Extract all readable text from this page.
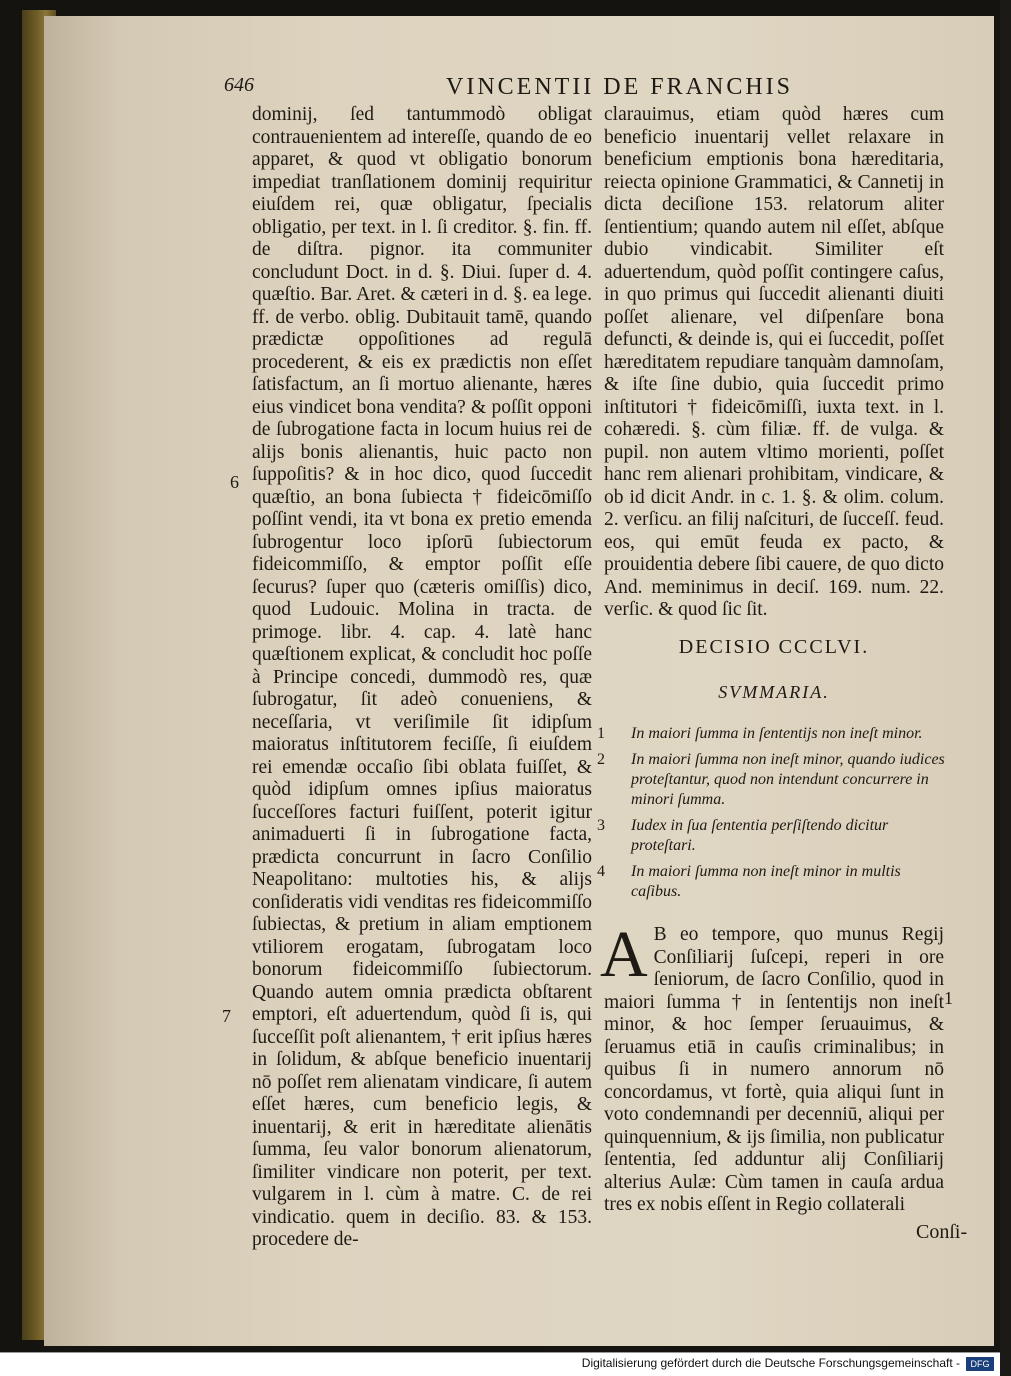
646	VINCENTII DE FRANCHIS

dominij, ſed tantummodò obligat contrauenientem ad intereſſe, quando de eo apparet, & quod vt obligatio bonorum impediat tranſlationem dominij requiritur eiuſdem rei, quæ obligatur, ſpecialis obligatio, per text. in l. ſi creditor. §. fin. ff. de diſtra. pignor. ita communiter concludunt Doct. in d. §. Diui. ſuper d. 4. quæſtio. Bar. Aret. & cæteri in d. §. ea lege. ff. de verbo. oblig. Dubitauit tamē, quando prædictæ oppoſitiones ad regulā procederent, & eis ex prædictis non eſſet ſatisfactum, an ſi mortuo alienante, hæres eius vindicet bona vendita? & poſſit opponi de ſubrogatione facta in locum huius rei de alijs bonis alienantis, huic pacto non ſuppoſitis? & in hoc dico, quod ſuccedit quæſtio, an bona ſubiecta † fideicōmiſſo poſſint vendi, ita vt bona ex pretio emenda ſubrogentur loco ipſorū ſubiectorum fideicommiſſo, & emptor poſſit eſſe ſecurus? ſuper quo (cæteris omiſſis) dico, quod Ludouic. Molina in tracta. de primoge. libr. 4. cap. 4. latè hanc quæſtionem explicat, & concludit hoc poſſe à Principe concedi, dummodò res, quæ ſubrogatur, ſit adeò conueniens, & neceſſaria, vt veriſimile ſit idipſum maioratus inſtitutorem feciſſe, ſi eiuſdem rei emendæ occaſio ſibi oblata fuiſſet, & quòd idipſum omnes ipſius maioratus ſucceſſores facturi fuiſſent, poterit igitur animaduerti ſi in ſubrogatione facta, prædicta concurrunt in ſacro Conſilio Neapolitano: multoties his, & alijs conſideratis vidi venditas res fideicommiſſo ſubiectas, & pretium in aliam emptionem vtiliorem erogatam, ſubrogatam loco bonorum fideicommiſſo ſubiectorum. Quando autem omnia prædicta obſtarent emptori, eſt aduertendum, quòd ſi is, qui ſucceſſit poſt alienantem, † erit ipſius hæres in ſolidum, & abſque beneficio inuentarij nō poſſet rem alienatam vindicare, ſi autem eſſet hæres, cum beneficio legis, & inuentarij, & erit in hæreditate alienātis ſumma, ſeu valor bonorum alienatorum, ſimiliter vindicare non poterit, per text. vulgarem in l. cùm à matre. C. de rei vindicatio. quem in deciſio. 83. & 153. procedere de-

6
7

clarauimus, etiam quòd hæres cum beneficio inuentarij vellet relaxare in beneficium emptionis bona hæreditaria, reiecta opinione Grammatici, & Cannetij in dicta deciſione 153. relatorum aliter ſentientium; quando autem nil eſſet, abſque dubio vindicabit. Similiter eſt aduertendum, quòd poſſit contingere caſus, in quo primus qui ſuccedit alienanti diuiti poſſet alienare, vel diſpenſare bona defuncti, & deinde is, qui ei ſuccedit, poſſet hæreditatem repudiare tanquàm damnoſam, & iſte ſine dubio, quia ſuccedit primo inſtitutori † fideicōmiſſi, iuxta text. in l. cohæredi. §. cùm filiæ. ff. de vulga. & pupil. non autem vltimo morienti, poſſet hanc rem alienari prohibitam, vindicare, & ob id dicit Andr. in c. 1. §. & olim. colum. 2. verſicu. an filij naſcituri, de ſucceſſ. feud. eos, qui emūt feuda ex pacto, & prouidentia debere ſibi cauere, de quo dicto And. meminimus in deciſ. 169. num. 22. verſic. & quod ſic ſit.

8
DECISIO CCCLVI.
SVMMARIA.
1	In maiori ſumma in ſententijs non ineſt minor.
2	In maiori ſumma non ineſt minor, quando iudices proteſtantur, quod non intendunt concurrere in minori ſumma.
3	Iudex in ſua ſententia perſiſtendo dicitur proteſtari.
4	In maiori ſumma non ineſt minor in multis caſibus.

A B eo tempore, quo munus Regij Conſiliarij ſuſcepi, reperi in ore ſeniorum, de ſacro Conſilio, quod in maiori ſumma † in ſententijs non ineſt minor, & hoc ſemper ſeruauimus, & ſeruamus etiā in cauſis criminalibus; in quibus ſi in numero annorum nō concordamus, vt fortè, quia aliqui ſunt in voto condemnandi per decenniū, aliqui per quinquennium, & ijs ſimilia, non publicatur ſententia, ſed adduntur alij Conſiliarij alterius Aulæ: Cùm tamen in cauſa ardua tres ex nobis eſſent in Regio collaterali

1
Conſi-
Digitalisierung gefördert durch die Deutsche Forschungsgemeinschaft -	DFG
